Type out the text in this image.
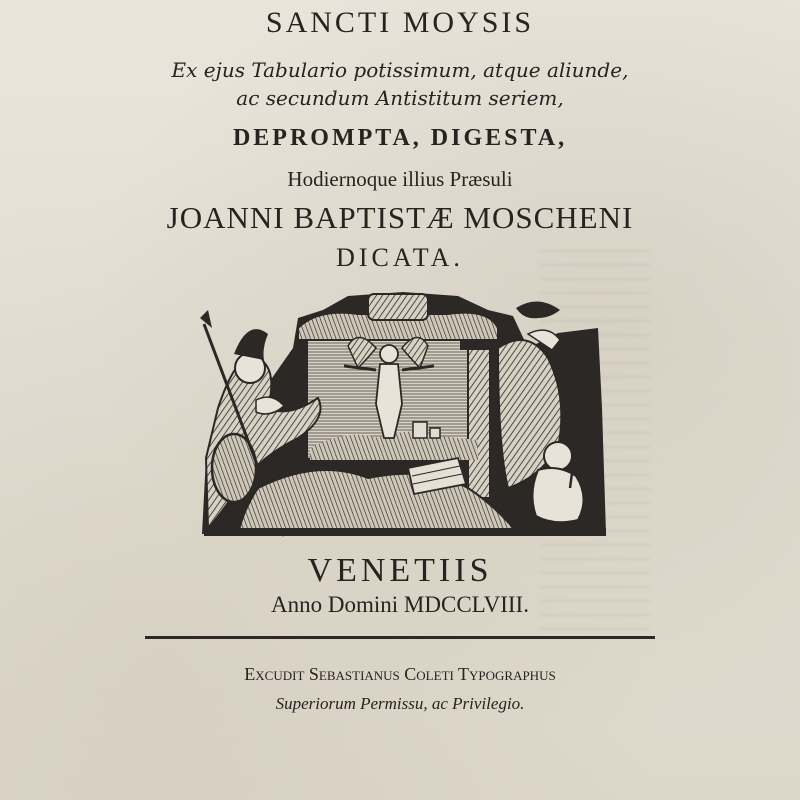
SANCTI MOYSIS

Ex ejus Tabulario potissimum, atque aliunde,

ac secundum Antistitum seriem,

DEPROMPTA, DIGESTA,

Hodiernoque illius Præsuli

JOANNI BAPTISTÆ MOSCHENI

DICATA.

VENETIIS

Anno Domini MDCCLVIII.

Excudit Sebastianus Coleti Typographus

Superiorum Permissu, ac Privilegio.
